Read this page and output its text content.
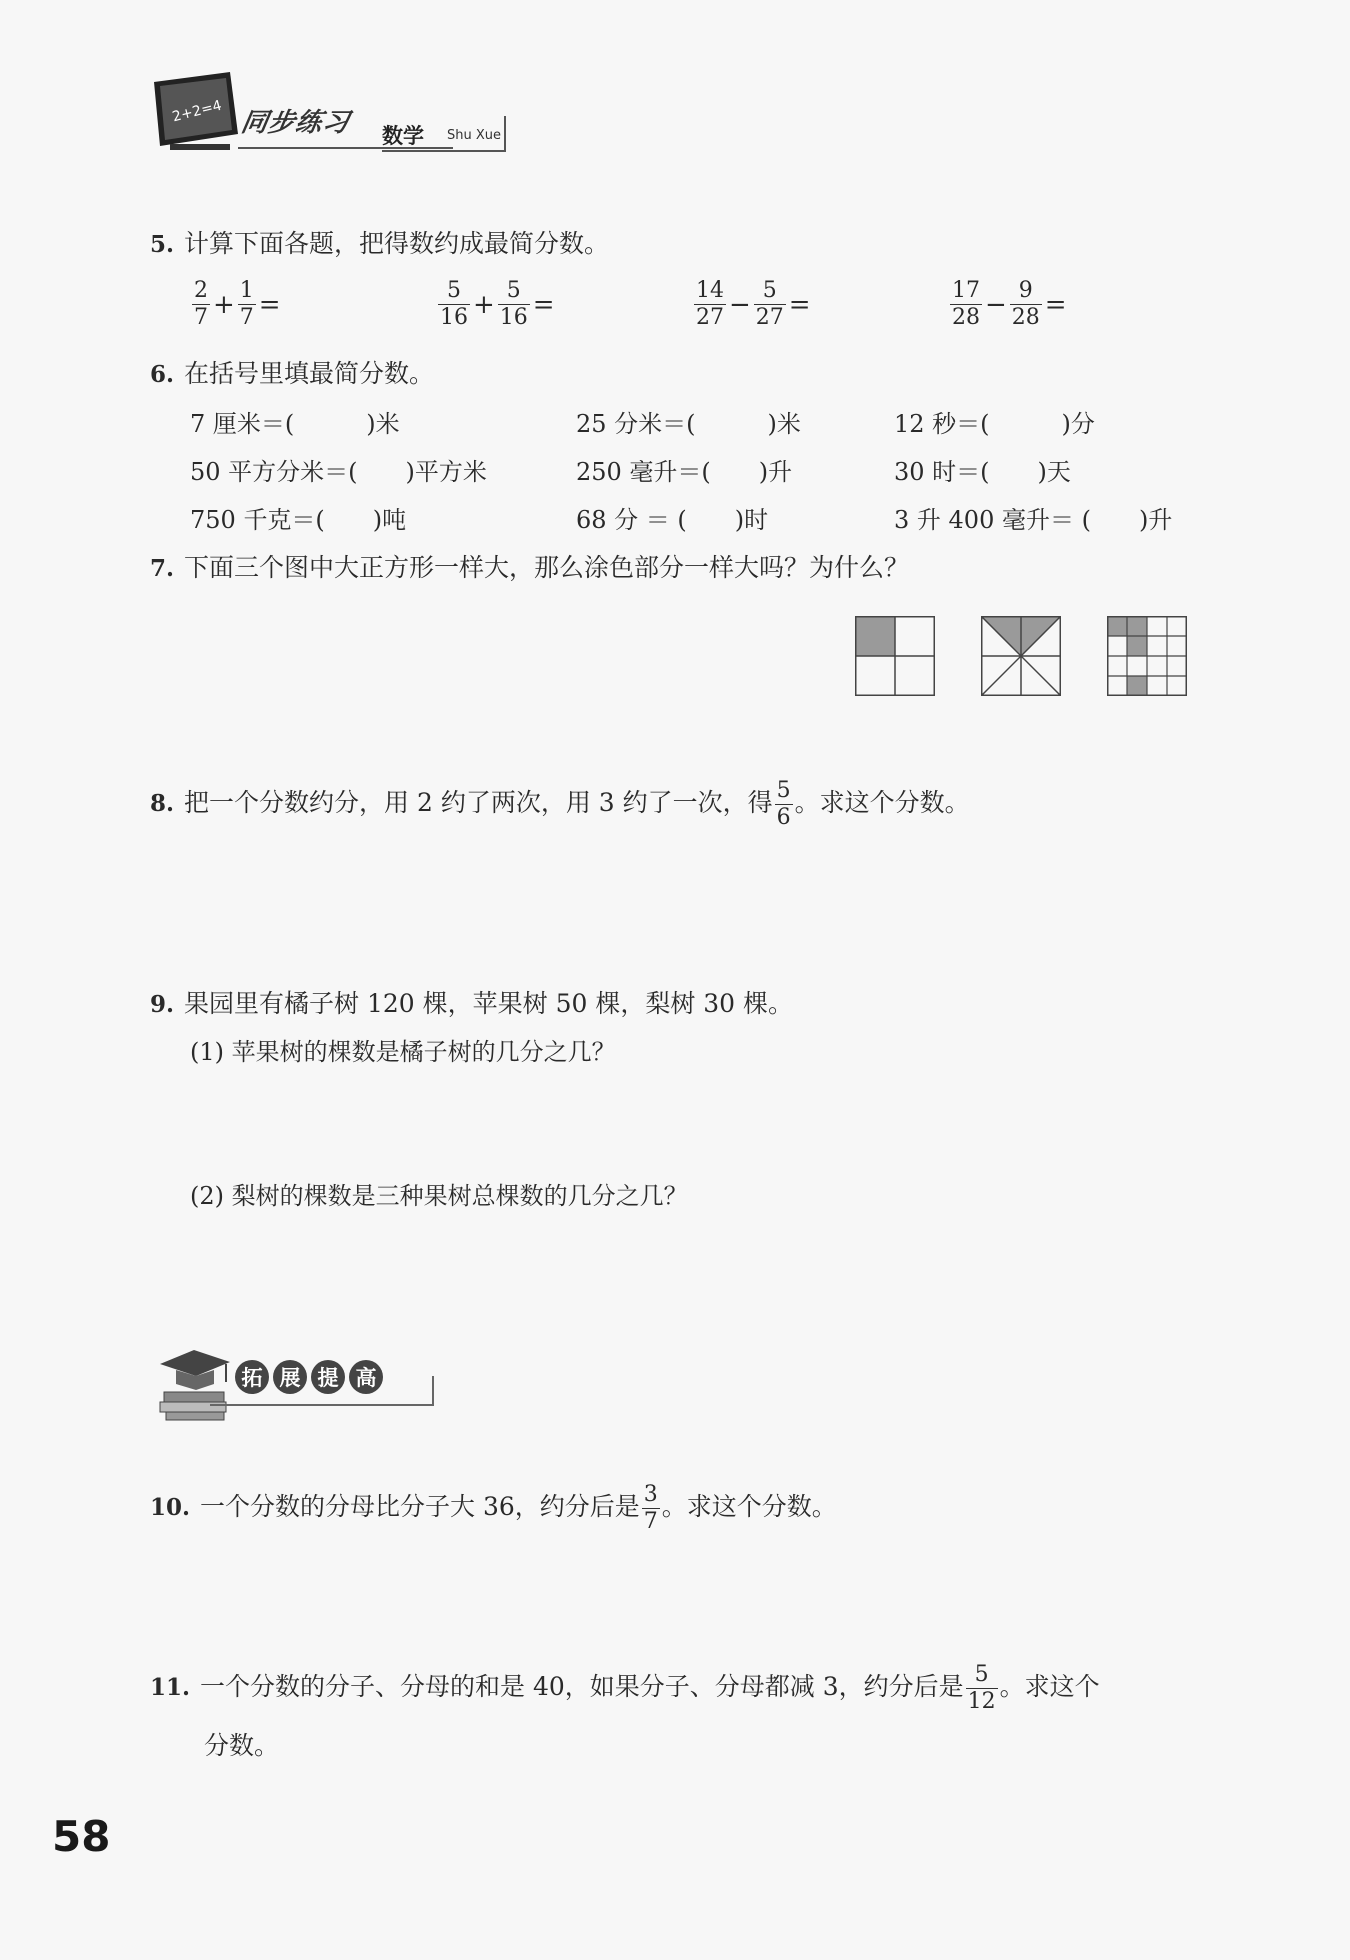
2+2=4 同步练习 数学 Shu Xue
5. 计算下面各题，把得数约成最简分数。
$\frac{2}{7} + \frac{1}{7}$ =	$\frac{5}{16} + \frac{5}{16}$ =	$\frac{14}{27} - \frac{5}{27}$ =	$\frac{17}{28} - \frac{9}{28}$ =
6. 在括号里填最简分数。
7 厘米＝(　　　)米	25 分米＝(　　　)米	12 秒＝(　　　)分
50 平方分米＝(　　)平方米	250 毫升＝(　　)升	30 时＝(　　)天
750 千克＝(　　)吨	68 分 ＝ (　　)时	3 升 400 毫升＝ (　　)升
7. 下面三个图中大正方形一样大，那么涂色部分一样大吗？为什么？
8. 把一个分数约分，用 2 约了两次，用 3 约了一次，得 $\frac{5}{6}$ 。求这个分数。
9. 果园里有橘子树 120 棵，苹果树 50 棵，梨树 30 棵。
(1) 苹果树的棵数是橘子树的几分之几？
(2) 梨树的棵数是三种果树总棵数的几分之几？
拓 展 提 高
10. 一个分数的分母比分子大 36，约分后是 $\frac{3}{7}$ 。求这个分数。
11. 一个分数的分子、分母的和是 40，如果分子、分母都减 3，约分后是 $\frac{5}{12}$ 。求这个
分数。
58
